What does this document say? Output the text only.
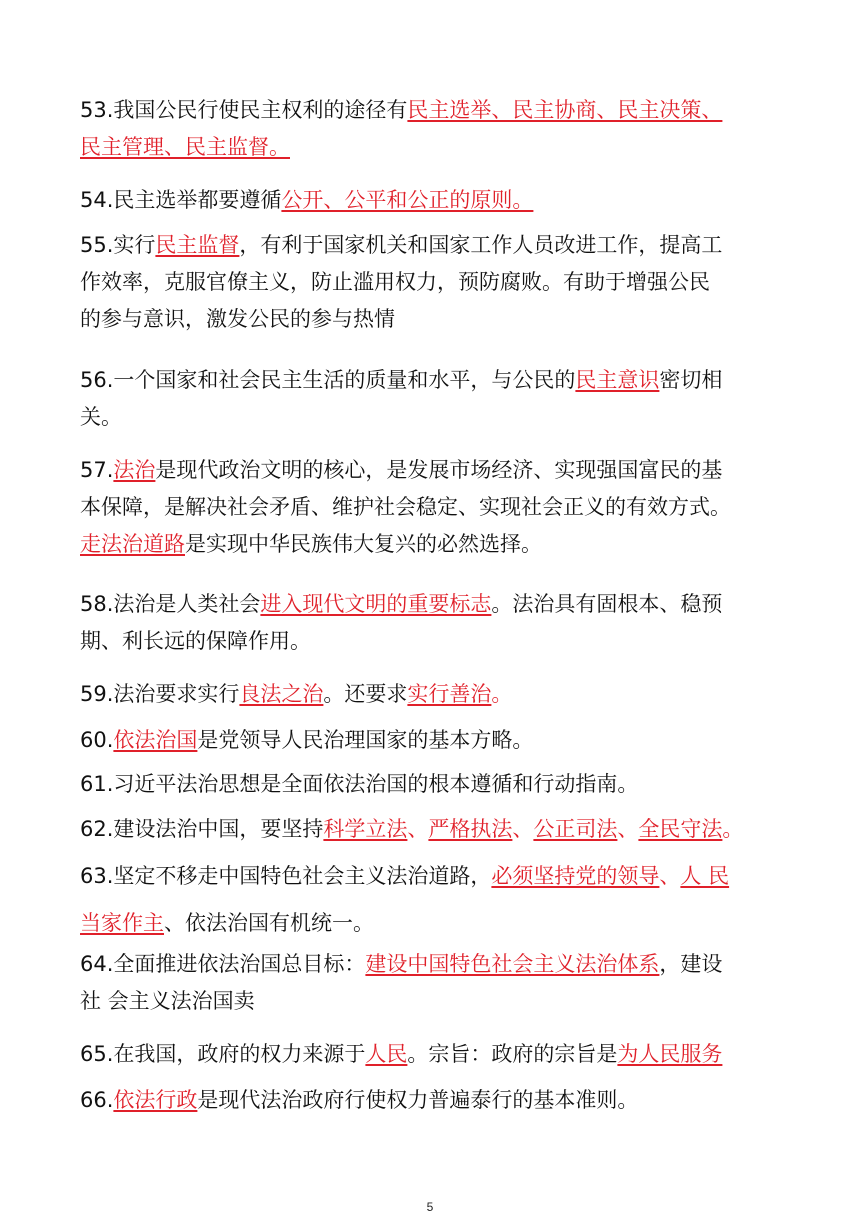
53.我国公民行使民主权利的途径有民主选举、民主协商、民主决策、
民主管理、民主监督。

54.民主选举都要遵循公开、公平和公正的原则。

55.实行民主监督，有利于国家机关和国家工作人员改进工作，提高工
作效率，克服官僚主义，防止滥用权力，预防腐败。有助于增强公民
的参与意识，激发公民的参与热情

56.一个国家和社会民主生活的质量和水平，与公民的民主意识密切相
关。

57.法治是现代政治文明的核心，是发展市场经济、实现强国富民的基
本保障，是解决社会矛盾、维护社会稳定、实现社会正义的有效方式。
走法治道路是实现中华民族伟大复兴的必然选择。

58.法治是人类社会进入现代文明的重要标志。法治具有固根本、稳预
期、利长远的保障作用。

59.法治要求实行良法之治。还要求实行善治。

60.依法治国是党领导人民治理国家的基本方略。

61.习近平法治思想是全面依法治国的根本遵循和行动指南。

62.建设法治中国，要坚持科学立法、严格执法、公正司法、全民守法。

63.坚定不移走中国特色社会主义法治道路，必须坚持党的领导、人 民
当家作主、依法治国有机统一。

64.全面推进依法治国总目标：建设中国特色社会主义法治体系，建设
社 会主义法治国卖

65.在我国，政府的权力来源于人民。宗旨：政府的宗旨是为人民服务

66.依法行政是现代法治政府行使权力普遍泰行的基本准则。

5
